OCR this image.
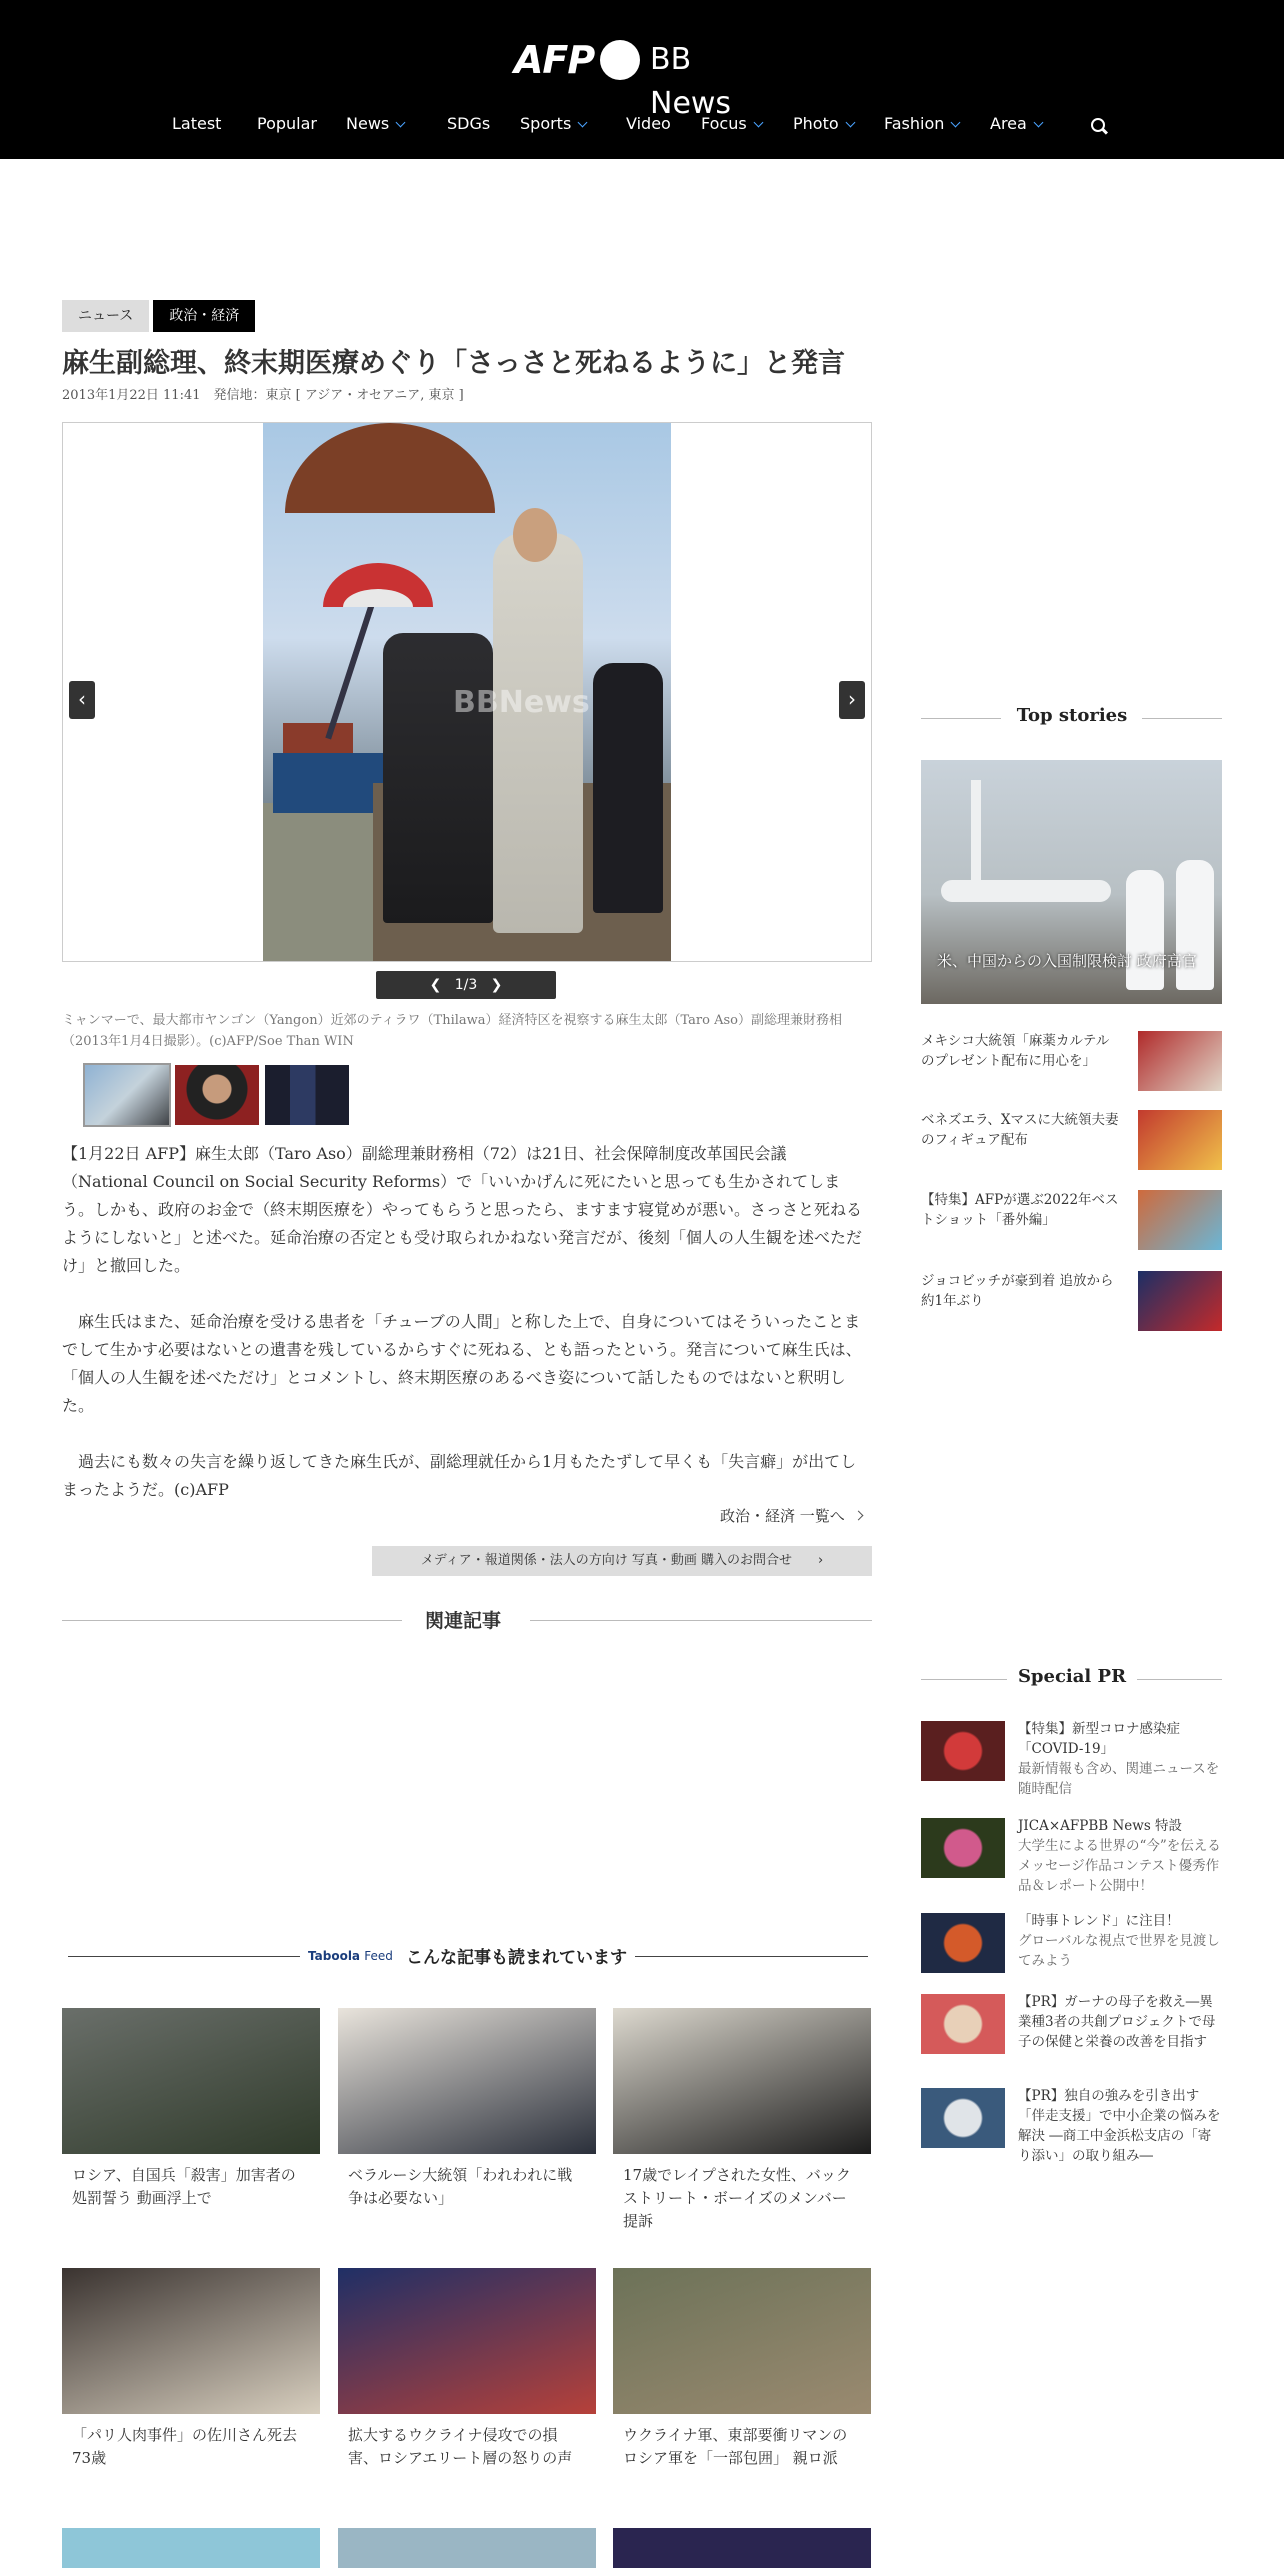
AFP BB News
Latest Popular News	SDGs Sports	Video Focus	Photo	Fashion	Area
ニュース	政治・経済
麻生副総理、終末期医療めぐり「さっさと死ねるように」と発言
2013年1月22日 11:41　発信地：東京 [ アジア・オセアニア, 東京 ]
BBNews
‹	›
❮ 1/3 ❯
ミャンマーで、最大都市ヤンゴン（Yangon）近郊のティラワ（Thilawa）経済特区を視察する麻生太郎（Taro Aso）副総理兼財務相（2013年1月4日撮影）。(c)AFP/Soe Than WIN

【1月22日 AFP】麻生太郎（Taro Aso）副総理兼財務相（72）は21日、社会保障制度改革国民会議（National Council on Social Security Reforms）で「いいかげんに死にたいと思っても生かされてしまう。しかも、政府のお金で（終末期医療を）やってもらうと思ったら、ますます寝覚めが悪い。さっさと死ねるようにしないと」と述べた。延命治療の否定とも受け取られかねない発言だが、後刻「個人の人生観を述べただけ」と撤回した。

　麻生氏はまた、延命治療を受ける患者を「チューブの人間」と称した上で、自身についてはそういったことまでして生かす必要はないとの遺書を残しているからすぐに死ねる、とも語ったという。発言について麻生氏は、「個人の人生観を述べただけ」とコメントし、終末期医療のあるべき姿について話したものではないと釈明した。

　過去にも数々の失言を繰り返してきた麻生氏が、副総理就任から1月もたたずして早くも「失言癖」が出てしまったようだ。(c)AFP

政治・経済 一覧へ
メディア・報道関係・法人の方向け 写真・動画 購入のお問合せ　　›
関連記事
Taboola Feed こんな記事も読まれています
ロシア、自国兵「殺害」加害者の処罰誓う 動画浮上で
ベラルーシ大統領「われわれに戦争は必要ない」
17歳でレイプされた女性、バックストリート・ボーイズのメンバー提訴
「パリ人肉事件」の佐川さん死去 73歳
拡大するウクライナ侵攻での損害、ロシアエリート層の怒りの声
ウクライナ軍、東部要衝リマンのロシア軍を「一部包囲」 親ロ派
Top stories
米、中国からの入国制限検討 政府高官
メキシコ大統領「麻薬カルテルのプレゼント配布に用心を」
ベネズエラ、Xマスに大統領夫妻のフィギュア配布
【特集】AFPが選ぶ2022年ベストショット「番外編」
ジョコビッチが豪到着 追放から約1年ぶり
Special PR
【特集】新型コロナ感染症「COVID-19」
最新情報も含め、関連ニュースを随時配信
JICA×AFPBB News 特設
大学生による世界の“今”を伝えるメッセージ作品コンテスト優秀作品＆レポート公開中！
「時事トレンド」に注目！
グローバルな視点で世界を見渡してみよう
【PR】ガーナの母子を救え―異業種3者の共創プロジェクトで母子の保健と栄養の改善を目指す
【PR】独自の強みを引き出す「伴走支援」で中小企業の悩みを解決 ―商工中金浜松支店の「寄り添い」の取り組み―
